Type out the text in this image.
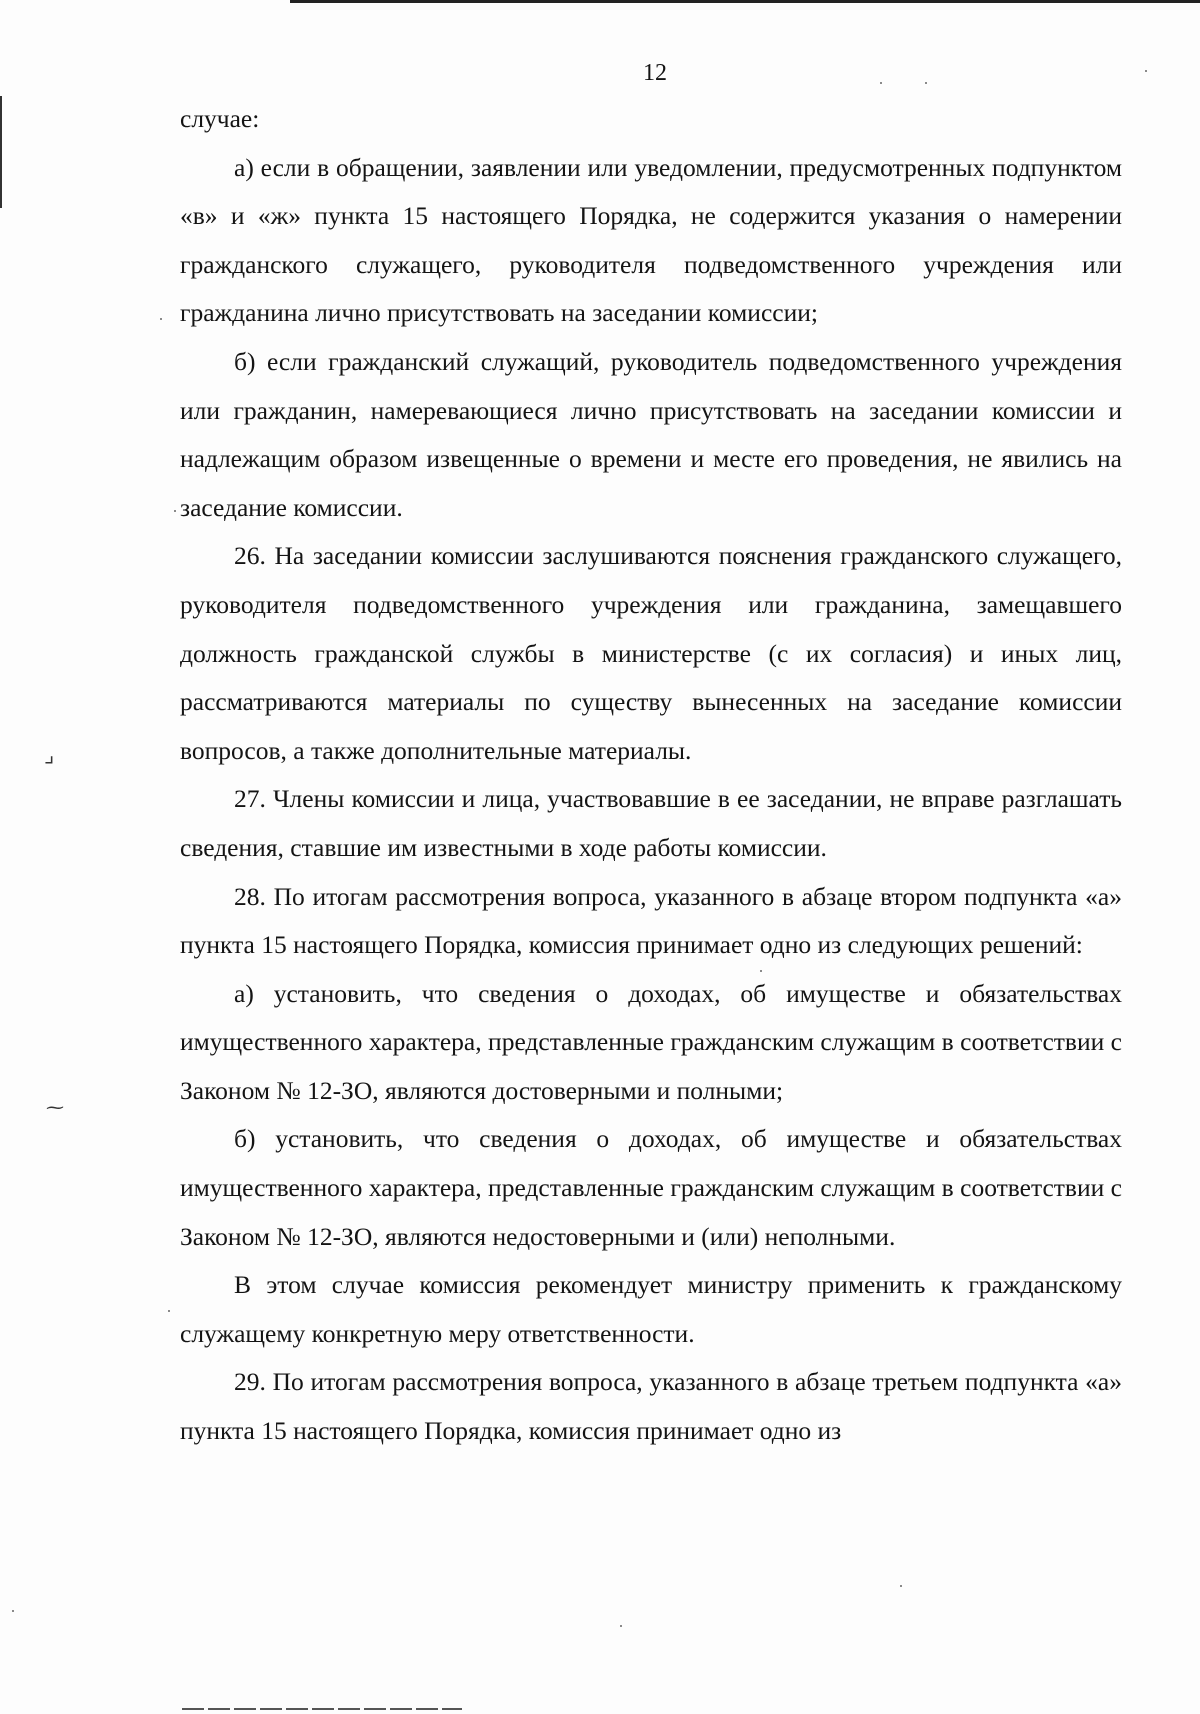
12

случае:

а) если в обращении, заявлении или уведомлении, предусмотренных подпунктом «в» и «ж» пункта 15 настоящего Порядка, не содержится указания о намерении гражданского служащего, руководителя подведомственного учреждения или гражданина лично присутствовать на заседании комиссии;

б) если гражданский служащий, руководитель подведомственного учреждения или гражданин, намеревающиеся лично присутствовать на заседании комиссии и надлежащим образом извещенные о времени и месте его проведения, не явились на заседание комиссии.

26. На заседании комиссии заслушиваются пояснения гражданского служащего, руководителя подведомственного учреждения или гражданина, замещавшего должность гражданской службы в министерстве (с их согласия) и иных лиц, рассматриваются материалы по существу вынесенных на заседание комиссии вопросов, а также дополнительные материалы.

27. Члены комиссии и лица, участвовавшие в ее заседании, не вправе разглашать сведения, ставшие им известными в ходе работы комиссии.

28. По итогам рассмотрения вопроса, указанного в абзаце втором подпункта «а» пункта 15 настоящего Порядка, комиссия принимает одно из следующих решений:

а) установить, что сведения о доходах, об имуществе и обязательствах имущественного характера, представленные гражданским служащим в соответствии с Законом № 12-ЗО, являются достоверными и полными;

б) установить, что сведения о доходах, об имуществе и обязательствах имущественного характера, представленные гражданским служащим в соответствии с Законом № 12-ЗО, являются недостоверными и (или) неполными.

В этом случае комиссия рекомендует министру применить к гражданскому служащему конкретную меру ответственности.

29. По итогам рассмотрения вопроса, указанного в абзаце третьем подпункта «а» пункта 15 настоящего Порядка, комиссия принимает одно из

⌟
⁓
